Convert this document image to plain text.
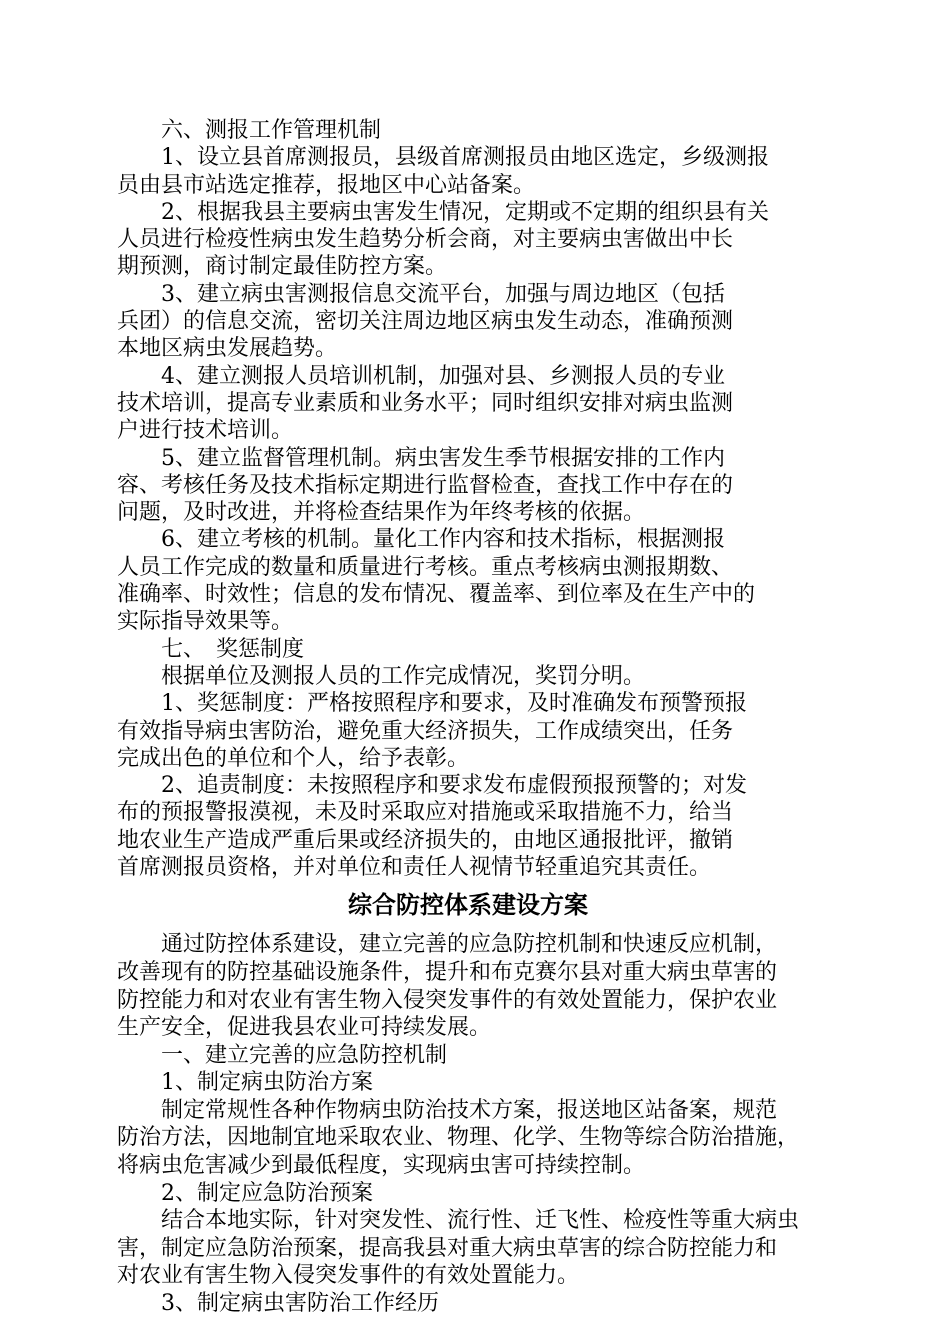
　　六、测报工作管理机制
　　1、设立县首席测报员，县级首席测报员由地区选定，乡级测报
员由县市站选定推荐，报地区中心站备案。
　　2、根据我县主要病虫害发生情况，定期或不定期的组织县有关
人员进行检疫性病虫发生趋势分析会商，对主要病虫害做出中长
期预测，商讨制定最佳防控方案。
　　3、建立病虫害测报信息交流平台，加强与周边地区（包括
兵团）的信息交流，密切关注周边地区病虫发生动态，准确预测
本地区病虫发展趋势。
　　4、建立测报人员培训机制，加强对县、乡测报人员的专业
技术培训，提高专业素质和业务水平；同时组织安排对病虫监测
户进行技术培训。
　　5、建立监督管理机制。病虫害发生季节根据安排的工作内
容、考核任务及技术指标定期进行监督检查，查找工作中存在的
问题，及时改进，并将检查结果作为年终考核的依据。
　　6、建立考核的机制。量化工作内容和技术指标，根据测报
人员工作完成的数量和质量进行考核。重点考核病虫测报期数、
准确率、时效性；信息的发布情况、覆盖率、到位率及在生产中的
实际指导效果等。
　　七、　奖惩制度
　　根据单位及测报人员的工作完成情况，奖罚分明。
　　1、奖惩制度：严格按照程序和要求，及时准确发布预警预报
有效指导病虫害防治，避免重大经济损失，工作成绩突出，任务
完成出色的单位和个人，给予表彰。
　　2、追责制度：未按照程序和要求发布虚假预报预警的；对发
布的预报警报漠视，未及时采取应对措施或采取措施不力，给当
地农业生产造成严重后果或经济损失的，由地区通报批评，撤销
首席测报员资格，并对单位和责任人视情节轻重追究其责任。
综合防控体系建设方案
　　通过防控体系建设，建立完善的应急防控机制和快速反应机制，
改善现有的防控基础设施条件，提升和布克赛尔县对重大病虫草害的
防控能力和对农业有害生物入侵突发事件的有效处置能力，保护农业
生产安全，促进我县农业可持续发展。
　　一、建立完善的应急防控机制
　　1、制定病虫防治方案
　　制定常规性各种作物病虫防治技术方案，报送地区站备案，规范
防治方法，因地制宜地采取农业、物理、化学、生物等综合防治措施，
将病虫危害减少到最低程度，实现病虫害可持续控制。
　　2、制定应急防治预案
　　结合本地实际，针对突发性、流行性、迁飞性、检疫性等重大病虫
害，制定应急防治预案，提高我县对重大病虫草害的综合防控能力和
对农业有害生物入侵突发事件的有效处置能力。
　　3、制定病虫害防治工作经历
